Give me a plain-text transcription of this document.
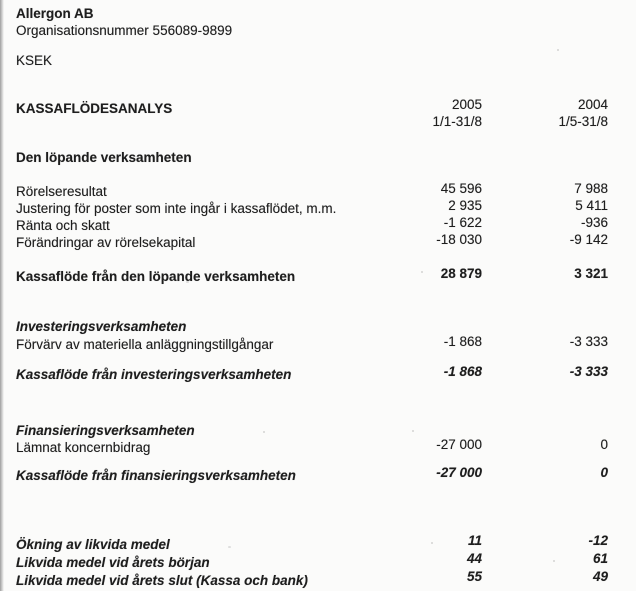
Allergon AB
Organisationsnummer 556089-9899
KSEK
KASSAFLÖDESANALYS	2005	2004
1/1-31/8	1/5-31/8
Den löpande verksamheten
Rörelseresultat	45 596	7 988
Justering för poster som inte ingår i kassaflödet, m.m.	2 935	5 411
Ränta och skatt	-1 622	-936
Förändringar av rörelsekapital	-18 030	-9 142
Kassaflöde från den löpande verksamheten	28 879	3 321
Investeringsverksamheten
Förvärv av materiella anläggningstillgångar	-1 868	-3 333
Kassaflöde från investeringsverksamheten	-1 868	-3 333
Finansieringsverksamheten
Lämnat koncernbidrag	-27 000	0
Kassaflöde från finansieringsverksamheten	-27 000	0
Ökning av likvida medel	11	-12
Likvida medel vid årets början	44	61
Likvida medel vid årets slut (Kassa och bank)	55	49
